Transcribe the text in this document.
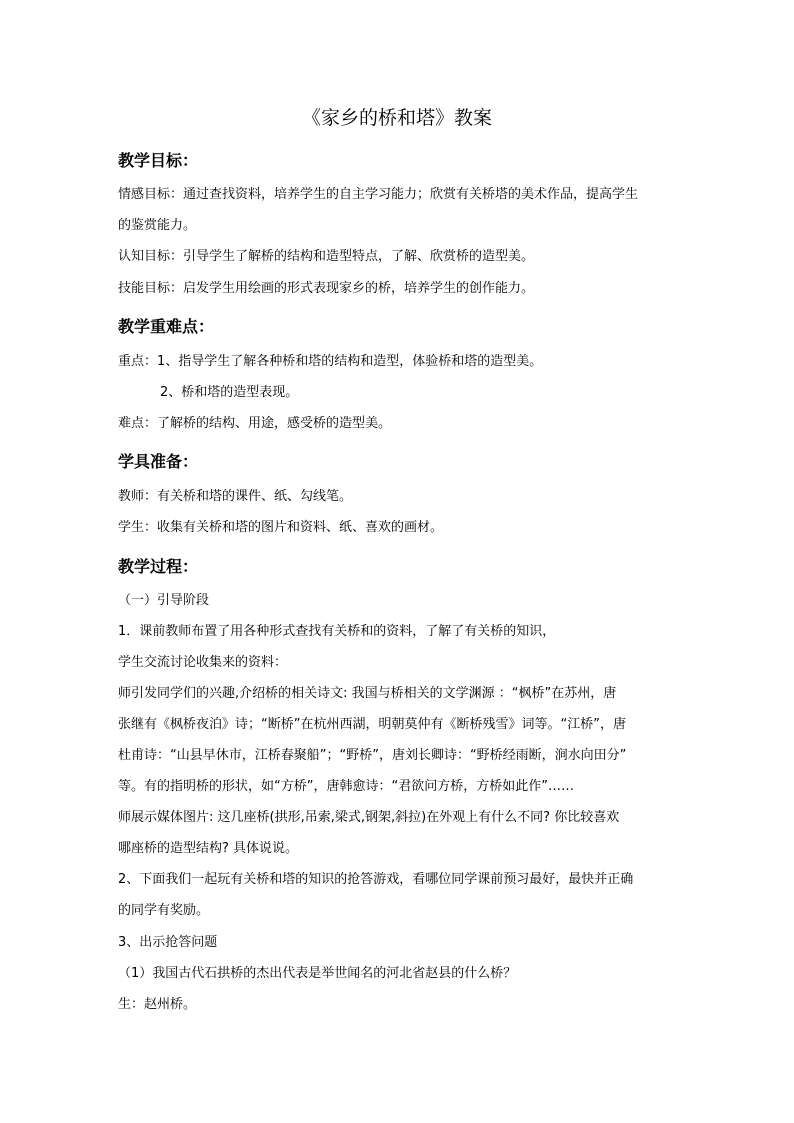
《家乡的桥和塔》教案
教学目标：
情感目标：通过查找资料，培养学生的自主学习能力；欣赏有关桥塔的美术作品，提高学生
的鉴赏能力。
认知目标：引导学生了解桥的结构和造型特点，了解、欣赏桥的造型美。
技能目标：启发学生用绘画的形式表现家乡的桥，培养学生的创作能力。
教学重难点：
重点：1、指导学生了解各种桥和塔的结构和造型，体验桥和塔的造型美。
2、桥和塔的造型表现。
难点：了解桥的结构、用途，感受桥的造型美。
学具准备：
教师：有关桥和塔的课件、纸、勾线笔。
学生：收集有关桥和塔的图片和资料、纸、喜欢的画材。
教学过程：
（一）引导阶段
1．课前教师布置了用各种形式查找有关桥和的资料，了解了有关桥的知识，
学生交流讨论收集来的资料：
师引发同学们的兴趣,介绍桥的相关诗文: 我国与桥相关的文学渊源 ：“枫桥”在苏州，唐
张继有《枫桥夜泊》诗；“断桥”在杭州西湖，明朝莫仲有《断桥残雪》词等。“江桥”，唐
杜甫诗：“山县早休市，江桥春聚船”；“野桥”，唐刘长卿诗：“野桥经雨断，涧水向田分”
等。有的指明桥的形状，如“方桥”，唐韩愈诗：“君欲问方桥，方桥如此作”……
师展示媒体图片: 这几座桥(拱形,吊索,梁式,钢架,斜拉)在外观上有什么不同? 你比较喜欢
哪座桥的造型结构? 具体说说。
2、下面我们一起玩有关桥和塔的知识的抢答游戏，看哪位同学课前预习最好，最快并正确
的同学有奖励。
3、出示抢答问题
（1）我国古代石拱桥的杰出代表是举世闻名的河北省赵县的什么桥？
生：赵州桥。
